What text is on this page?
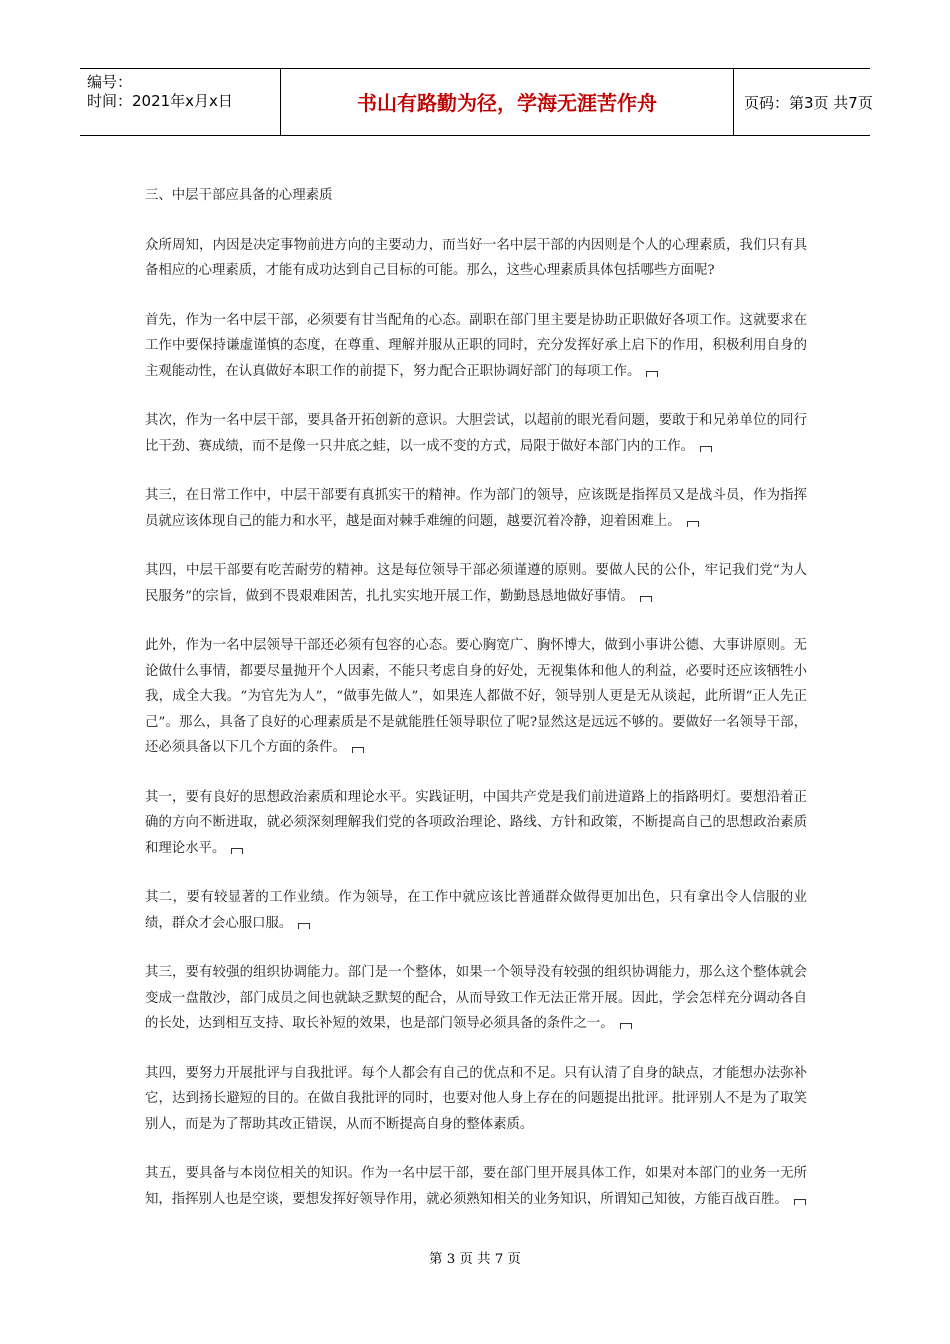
编号：
时间：2021年x月x日	书山有路勤为径，学海无涯苦作舟	页码：第3页 共7页
三、中层干部应具备的心理素质

众所周知，内因是决定事物前进方向的主要动力，而当好一名中层干部的内因则是个人的心理素质，我们只有具备相应的心理素质，才能有成功达到自己目标的可能。那么，这些心理素质具体包括哪些方面呢?

首先，作为一名中层干部，必须要有甘当配角的心态。副职在部门里主要是协助正职做好各项工作。这就要求在工作中要保持谦虚谨慎的态度，在尊重、理解并服从正职的同时，充分发挥好承上启下的作用，积极利用自身的主观能动性，在认真做好本职工作的前提下，努力配合正职协调好部门的每项工作。

其次，作为一名中层干部，要具备开拓创新的意识。大胆尝试，以超前的眼光看问题，要敢于和兄弟单位的同行比干劲、赛成绩，而不是像一只井底之蛙，以一成不变的方式，局限于做好本部门内的工作。

其三，在日常工作中，中层干部要有真抓实干的精神。作为部门的领导，应该既是指挥员又是战斗员，作为指挥员就应该体现自己的能力和水平，越是面对棘手难缠的问题，越要沉着冷静，迎着困难上。

其四，中层干部要有吃苦耐劳的精神。这是每位领导干部必须谨遵的原则。要做人民的公仆，牢记我们党“为人民服务”的宗旨，做到不畏艰难困苦，扎扎实实地开展工作，勤勤恳恳地做好事情。

此外，作为一名中层领导干部还必须有包容的心态。要心胸宽广、胸怀博大，做到小事讲公德、大事讲原则。无论做什么事情，都要尽量抛开个人因素，不能只考虑自身的好处，无视集体和他人的利益，必要时还应该牺牲小我，成全大我。“为官先为人”，“做事先做人”，如果连人都做不好，领导别人更是无从谈起，此所谓“正人先正己”。那么，具备了良好的心理素质是不是就能胜任领导职位了呢?显然这是远远不够的。要做好一名领导干部，还必须具备以下几个方面的条件。

其一，要有良好的思想政治素质和理论水平。实践证明，中国共产党是我们前进道路上的指路明灯。要想沿着正确的方向不断进取，就必须深刻理解我们党的各项政治理论、路线、方针和政策，不断提高自己的思想政治素质和理论水平。

其二，要有较显著的工作业绩。作为领导，在工作中就应该比普通群众做得更加出色，只有拿出令人信服的业绩，群众才会心服口服。

其三，要有较强的组织协调能力。部门是一个整体，如果一个领导没有较强的组织协调能力，那么这个整体就会变成一盘散沙，部门成员之间也就缺乏默契的配合，从而导致工作无法正常开展。因此，学会怎样充分调动各自的长处，达到相互支持、取长补短的效果，也是部门领导必须具备的条件之一。

其四，要努力开展批评与自我批评。每个人都会有自己的优点和不足。只有认清了自身的缺点，才能想办法弥补它，达到扬长避短的目的。在做自我批评的同时，也要对他人身上存在的问题提出批评。批评别人不是为了取笑别人，而是为了帮助其改正错误，从而不断提高自身的整体素质。

其五，要具备与本岗位相关的知识。作为一名中层干部，要在部门里开展具体工作，如果对本部门的业务一无所知，指挥别人也是空谈，要想发挥好领导作用，就必须熟知相关的业务知识，所谓知己知彼，方能百战百胜。

第 3 页 共 7 页
